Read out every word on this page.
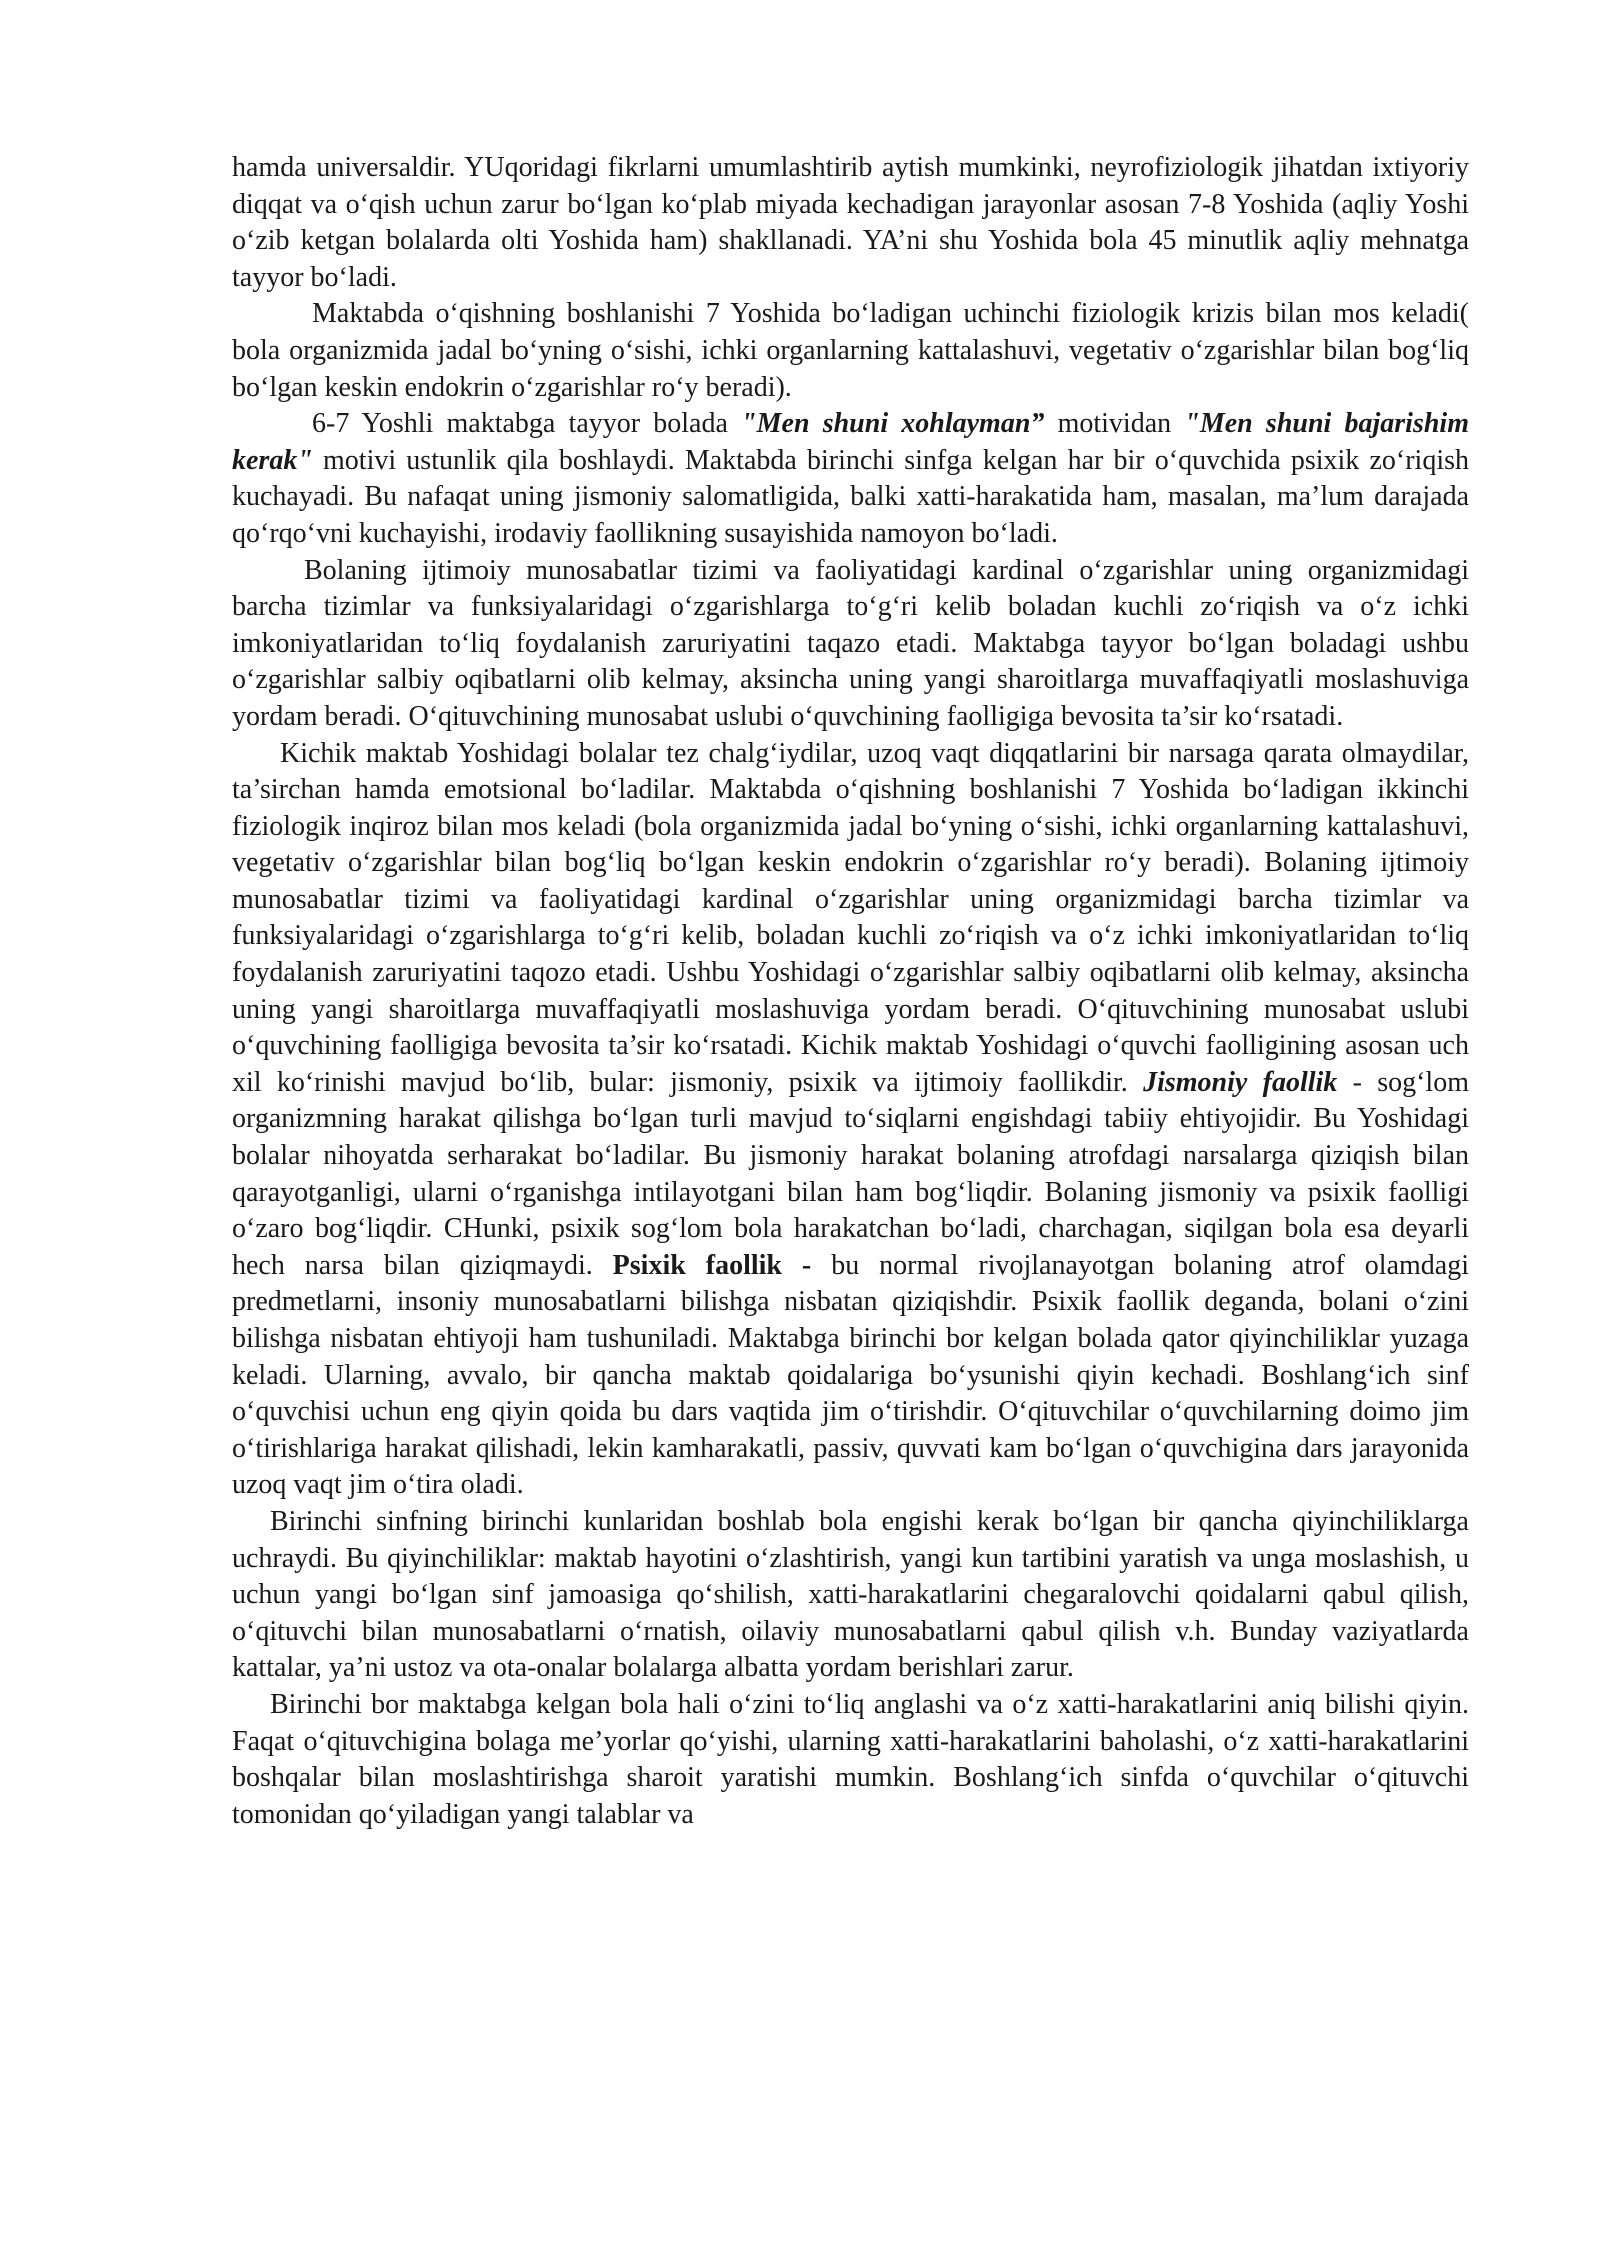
hamda universaldir. YUqoridagi fikrlarni umumlashtirib aytish mumkinki, neyrofiziologik jihatdan ixtiyoriy diqqat va o‘qish uchun zarur bo‘lgan ko‘plab miyada kechadigan jarayonlar asosan 7-8 Yoshida (aqliy Yoshi o‘zib ketgan bolalarda olti Yoshida ham) shakllanadi. YA’ni shu Yoshida bola 45 minutlik aqliy mehnatga tayyor bo‘ladi.

Maktabda o‘qishning boshlanishi 7 Yoshida bo‘ladigan uchinchi fiziologik krizis bilan mos keladi( bola organizmida jadal bo‘yning o‘sishi, ichki organlarning kattalashuvi, vegetativ o‘zgarishlar bilan bog‘liq bo‘lgan keskin endokrin o‘zgarishlar ro‘y beradi).

6-7 Yoshli maktabga tayyor bolada "Men shuni xohlayman” motividan "Men shuni bajarishim kerak" motivi ustunlik qila boshlaydi. Maktabda birinchi sinfga kelgan har bir o‘quvchida psixik zo‘riqish kuchayadi. Bu nafaqat uning jismoniy salomatligida, balki xatti-harakatida ham, masalan, ma’lum darajada qo‘rqo‘vni kuchayishi, irodaviy faollikning susayishida namoyon bo‘ladi.

Bolaning ijtimoiy munosabatlar tizimi va faoliyatidagi kardinal o‘zgarishlar uning organizmidagi barcha tizimlar va funksiyalaridagi o‘zgarishlarga to‘g‘ri kelib boladan kuchli zo‘riqish va o‘z ichki imkoniyatlaridan to‘liq foydalanish zaruriyatini taqazo etadi. Maktabga tayyor bo‘lgan boladagi ushbu o‘zgarishlar salbiy oqibatlarni olib kelmay, aksincha uning yangi sharoitlarga muvaffaqiyatli moslashuviga yordam beradi. O‘qituvchining munosabat uslubi o‘quvchining faolligiga bevosita ta’sir ko‘rsatadi.

Kichik maktab Yoshidagi bolalar tez chalg‘iydilar, uzoq vaqt diqqatlarini bir narsaga qarata olmaydilar, ta’sirchan hamda emotsional bo‘ladilar. Maktabda o‘qishning boshlanishi 7 Yoshida bo‘ladigan ikkinchi fiziologik inqiroz bilan mos keladi (bola organizmida jadal bo‘yning o‘sishi, ichki organlarning kattalashuvi, vegetativ o‘zgarishlar bilan bog‘liq bo‘lgan keskin endokrin o‘zgarishlar ro‘y beradi). Bolaning ijtimoiy munosabatlar tizimi va faoliyatidagi kardinal o‘zgarishlar uning organizmidagi barcha tizimlar va funksiyalaridagi o‘zgarishlarga to‘g‘ri kelib, boladan kuchli zo‘riqish va o‘z ichki imkoniyatlaridan to‘liq foydalanish zaruriyatini taqozo etadi. Ushbu Yoshidagi o‘zgarishlar salbiy oqibatlarni olib kelmay, aksincha uning yangi sharoitlarga muvaffaqiyatli moslashuviga yordam beradi. O‘qituvchining munosabat uslubi o‘quvchining faolligiga bevosita ta’sir ko‘rsatadi. Kichik maktab Yoshidagi o‘quvchi faolligining asosan uch xil ko‘rinishi mavjud bo‘lib, bular: jismoniy, psixik va ijtimoiy faollikdir. Jismoniy faollik - sog‘lom organizmning harakat qilishga bo‘lgan turli mavjud to‘siqlarni engishdagi tabiiy ehtiyojidir. Bu Yoshidagi bolalar nihoyatda serharakat bo‘ladilar. Bu jismoniy harakat bolaning atrofdagi narsalarga qiziqish bilan qarayotganligi, ularni o‘rganishga intilayotgani bilan ham bog‘liqdir. Bolaning jismoniy va psixik faolligi o‘zaro bog‘liqdir. CHunki, psixik sog‘lom bola harakatchan bo‘ladi, charchagan, siqilgan bola esa deyarli hech narsa bilan qiziqmaydi. Psixik faollik - bu normal rivojlanayotgan bolaning atrof olamdagi predmetlarni, insoniy munosabatlarni bilishga nisbatan qiziqishdir. Psixik faollik deganda, bolani o‘zini bilishga nisbatan ehtiyoji ham tushuniladi. Maktabga birinchi bor kelgan bolada qator qiyinchiliklar yuzaga keladi. Ularning, avvalo, bir qancha maktab qoidalariga bo‘ysunishi qiyin kechadi. Boshlang‘ich sinf o‘quvchisi uchun eng qiyin qoida bu dars vaqtida jim o‘tirishdir. O‘qituvchilar o‘quvchilarning doimo jim o‘tirishlariga harakat qilishadi, lekin kamharakatli, passiv, quvvati kam bo‘lgan o‘quvchigina dars jarayonida uzoq vaqt jim o‘tira oladi.

Birinchi sinfning birinchi kunlaridan boshlab bola engishi kerak bo‘lgan bir qancha qiyinchiliklarga uchraydi. Bu qiyinchiliklar: maktab hayotini o‘zlashtirish, yangi kun tartibini yaratish va unga moslashish, u uchun yangi bo‘lgan sinf jamoasiga qo‘shilish, xatti-harakatlarini chegaralovchi qoidalarni qabul qilish, o‘qituvchi bilan munosabatlarni o‘rnatish, oilaviy munosabatlarni qabul qilish v.h. Bunday vaziyatlarda kattalar, ya’ni ustoz va ota-onalar bolalarga albatta yordam berishlari zarur.

Birinchi bor maktabga kelgan bola hali o‘zini to‘liq anglashi va o‘z xatti-harakatlarini aniq bilishi qiyin. Faqat o‘qituvchigina bolaga me’yorlar qo‘yishi, ularning xatti-harakatlarini baholashi, o‘z xatti-harakatlarini boshqalar bilan moslashtirishga sharoit yaratishi mumkin. Boshlang‘ich sinfda o‘quvchilar o‘qituvchi tomonidan qo‘yiladigan yangi talablar va
